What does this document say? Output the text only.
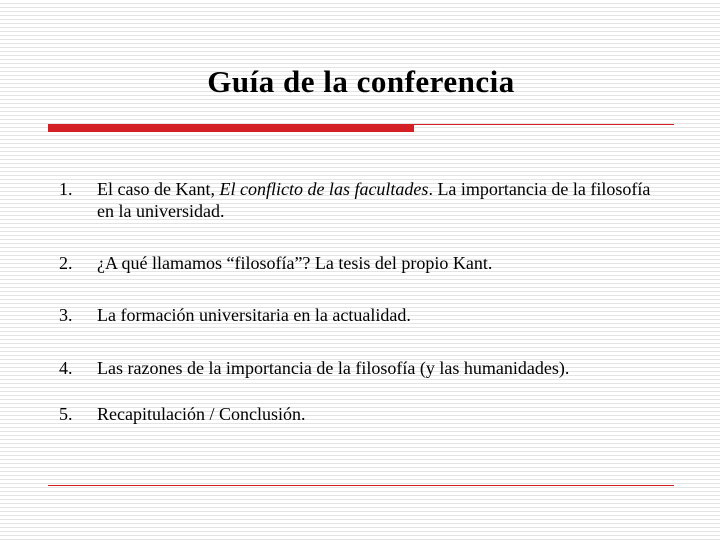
Guía de la conferencia
1.	El caso de Kant, El conflicto de las facultades. La importancia de la filosofía en la universidad.
2.	¿A qué llamamos “filosofía”? La tesis del propio Kant.
3.	La formación universitaria en la actualidad.
4.	Las razones de la importancia de la filosofía (y las humanidades).
5.	Recapitulación / Conclusión.
